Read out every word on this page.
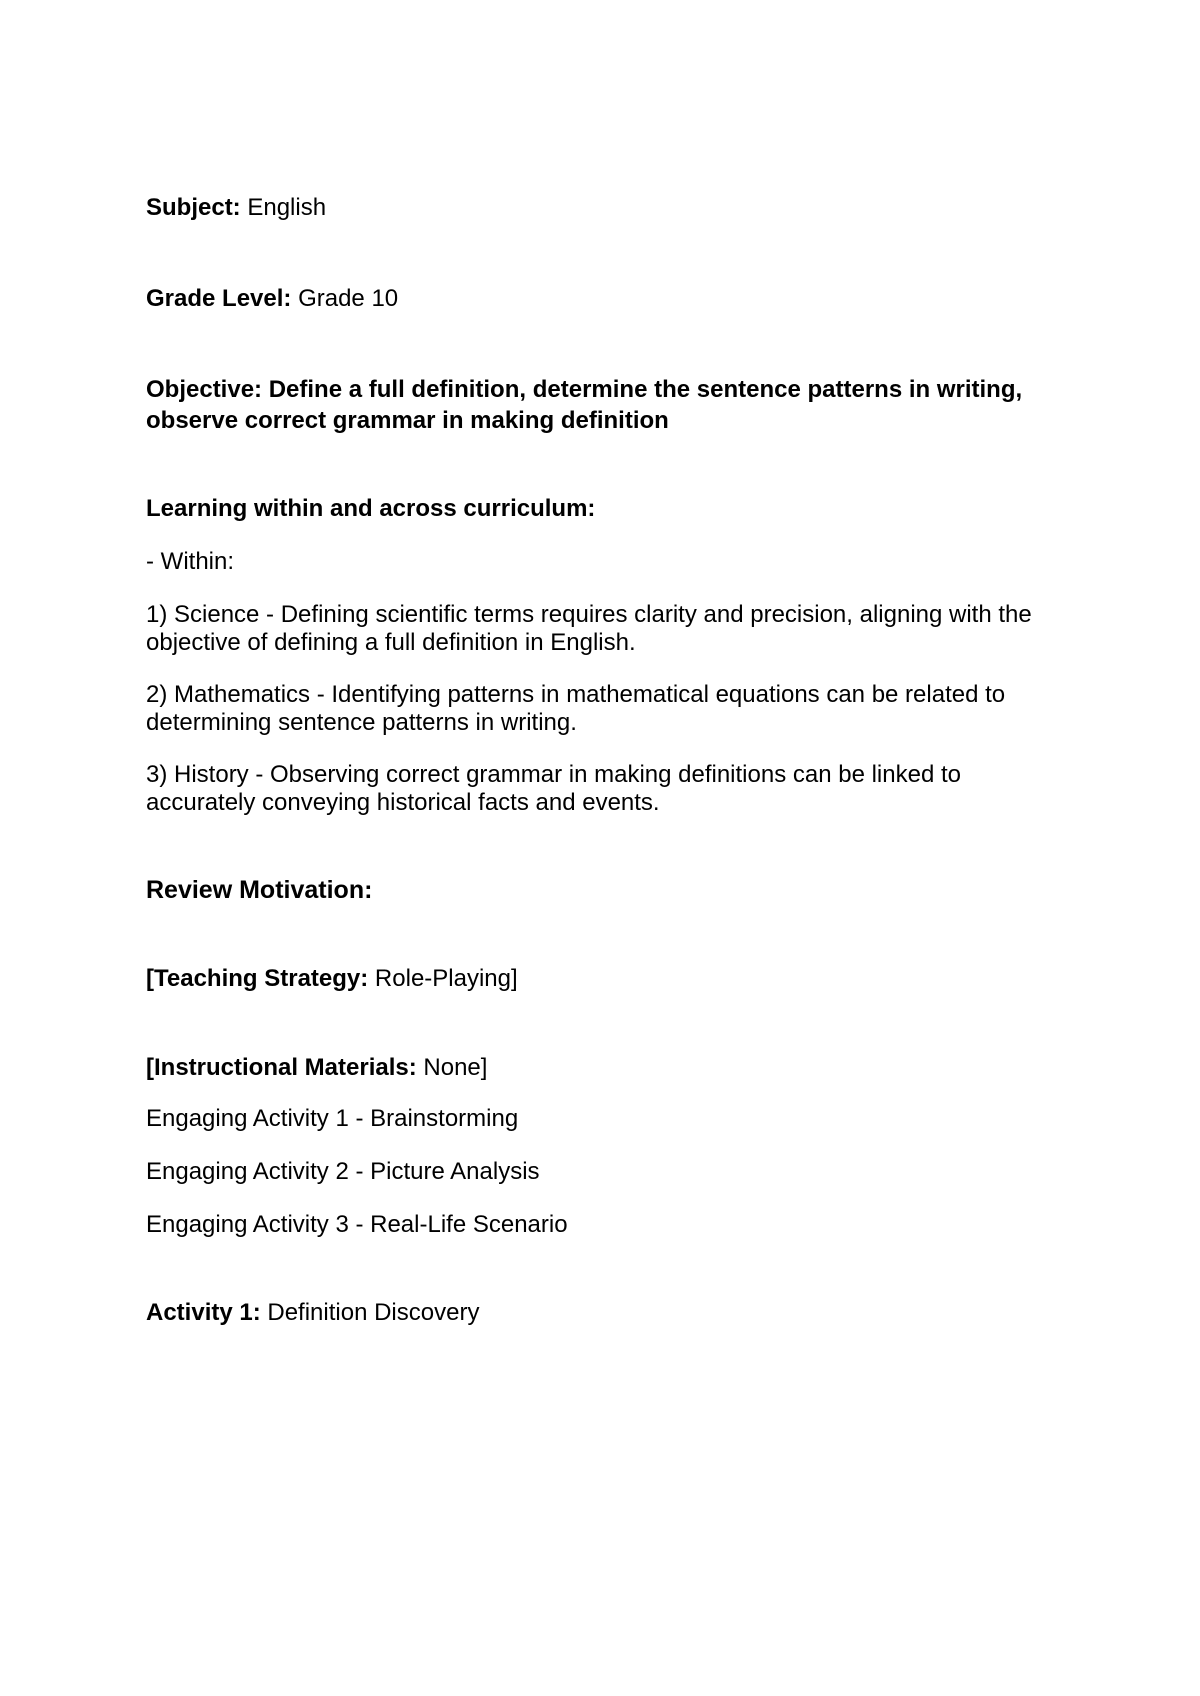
Subject: English
Grade Level: Grade 10
Objective: Define a full definition, determine the sentence patterns in writing,
observe correct grammar in making definition
Learning within and across curriculum:
- Within:
1) Science - Defining scientific terms requires clarity and precision, aligning with the
objective of defining a full definition in English.
2) Mathematics - Identifying patterns in mathematical equations can be related to
determining sentence patterns in writing.
3) History - Observing correct grammar in making definitions can be linked to
accurately conveying historical facts and events.
Review Motivation:
[Teaching Strategy: Role-Playing]
[Instructional Materials: None]
Engaging Activity 1 - Brainstorming
Engaging Activity 2 - Picture Analysis
Engaging Activity 3 - Real-Life Scenario
Activity 1: Definition Discovery
